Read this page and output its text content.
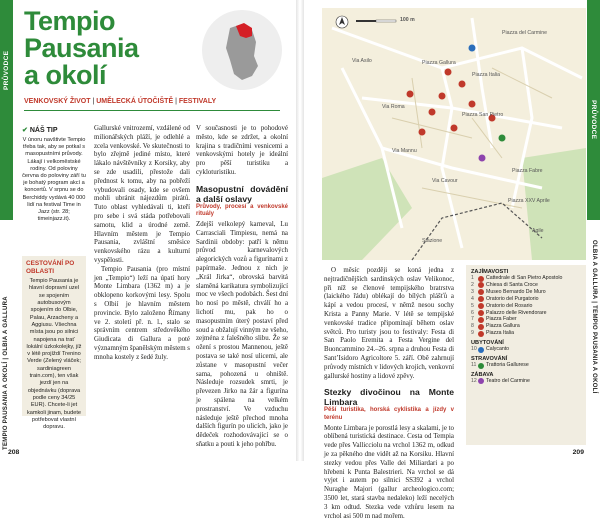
PRŮVODCE
TEMPIO PAUSANIA A OKOLÍ | OLBIA A GALLURA
Tempio
Pausania
a okolí
VENKOVSKÝ ŽIVOT | UMĚLECKÁ ÚTOČIŠTĚ | FESTIVALY
✔ NÁŠ TIP
V únoru navštivte Tempio třeba tak, aby se potkal s masopustními průvody. Lákají i velkoměstské rodiny. Od poloviny června do poloviny září tu je bohatý program akcí a koncertů. V srpnu se do Berchiddy vydává 40 000 lidí na festival Time in Jazz (str. 28; timeinjazz.it).
CESTOVÁNÍ PO OBLASTI
Tempio Pausania je hlavní dopravní uzel se spojením autobusovým spojením do Olbie, Palau, Arzacheny a Aggiusu. Všechna místa jsou po silnici napojena na trať lokální úzkokolejky, jíž v létě projíždí Trenino Verde (Zelený vláček; sardiniagreen train.com), ten však jezdí jen na objednávku (doprava podle ceny 34/25 EUR). Chcete-li jet kamkoli jinam, budete potřebovat vlastní dopravu.

Gallurské vnitrozemí, vzdálené od milionářských pláží, je odlehlé a zcela venkovské. Ve skutečnosti to bylo zřejmě jediné místo, které lákalo návštěvníky z Korsiky, aby se zde usadili, přestože dali přednost k tomu, aby na pobřeží vybudovali osady, kde se ovšem mohli ubránit nájezdům pirátů. Tuto oblast vyhledávali ti, kteří pro sebe i svá stáda potřebovali samotu, klid a úrodné země. Hlavním městem je Tempio Pausania, zvláštní směsice venkovského rázu a kulturní vyspělosti.

Tempio Pausania (pro místní jen „Tempio“) leží na úpatí hory Monte Limbara (1362 m) a je obklopeno korkovými lesy. Spolu s Olbií je hlavním městem provincie. Bylo založeno Římany ve 2. století př. n. l., stalo se správním centrem středověkého Giudicata di Gallura a poté významným španělským městem s mnoha kostely z šedé žuly.

V současnosti je to pohodové město, kde se zdržet, a okolní krajina s tradičními vesnicemi a venkovskými hotely je ideální pro pěší turistiku a cykloturistiku.

Masopustní dovádění a další oslavy
Průvody, procesí a venkovské rituály

Zdejší velkolepý karneval, Lu Carrasciali Timpiesu, nemá na Sardinii obdoby: patří k němu průvod karnevalových alegorických vozů a figurínami z papírmaše. Jednou z nich je „Král Jirka“, obrovská barvitá slaměná karikatura symbolizující moc ve všech podobách. Šest dní ho nosí po městě, chválí ho a lichotí mu, pak ho o masopustním úterý postaví před soud a obžalují vinným ze všeho, zejména z falešného slibu. Že se ožení s prostou Mannenou, ještě postava se také nosí ulicemi, ale zůstane v masopustní večer sama, pohozená u ohniště. Následuje rozsudek smrti, je převezen Jirko na žár a figurína je spálena na velkém prostranství. Ve vzduchu následuje ještě přechod mnoha dalších figurín po ulicích, jako je dědeček rozhodovávající se o sňatku a pouti k jeho pohřbu.

208
PRŮVODCE
OLBIA A GALLURA | TEMPIO PAUSANIA A OKOLÍ
100 m
Piazza Gallura
Piazza Italia
Piazza del Carmine
Via Roma
Via Asilo
Piazza San Pietro
Via Mannu
Piazza Fabre
Agile
Via Cavour
Piazza XXV Aprile
Stazione

O měsíc později se koná jedna z nejtradičnějších sardinských oslav Velikonoc, při níž se členové tempijského bratrstva (laického řádu) oblékají do bílých plášťů a kápí a vedou procesí, v němž nesou sochy Krista a Panny Marie. V létě se tempijské venkovské tradice připomínají během oslav světců. Pro turisty jsou to festivaly: Festa di San Paolo Eremita a Festa Vergine del Buoncammino 24.–26. srpna a druhou Festa di Sant’Isidoro Agricoltore 5. září. Obě zahrnují průvody místních v lidových krojích, venkovní gallurské hostiny a lidové zpěvy.

Stezky divočinou na Monte Limbara
Pěší turistika, horská cyklistika a jízdy v terénu

Monte Limbara je porostlá lesy a skalami, je to oblíbená turistická destinace. Cesta od Tempia vede přes Vallicciolu na vrchol 1362 m, odkud je za pěkného dne vidět až na Korsiku. Hlavní stezky vedou přes Valle dei Miliardari a po hřebeni k Punta Balestrieri. Na vrchol se dá vyjet i autem po silnici SS392 a vrchol Nuraghe Majori (gallur archeologico.com; 3500 let, stará stavba nedaleko) leží necelých 3 km odtud. Stezka vede vzhůru lesem na vrchol asi 500 m nad mořem.

ZAJÍMAVOSTI
1	Cattedrale di San Pietro Apostolo
2	Chiesa di Santa Croce
3	Museo Bernardo De Muro
4	Oratorio del Purgatorio
5	Oratorio del Rosario
6	Palazzo delle Rivendorare
7	Piazza Faber
8	Piazza Gallura
9	Piazza Italia
UBYTOVÁNÍ
10 Calycanto
STRAVOVÁNÍ
11	Trattoria Gallurese
ZÁBAVA
12 Teatro del Carmine
209
